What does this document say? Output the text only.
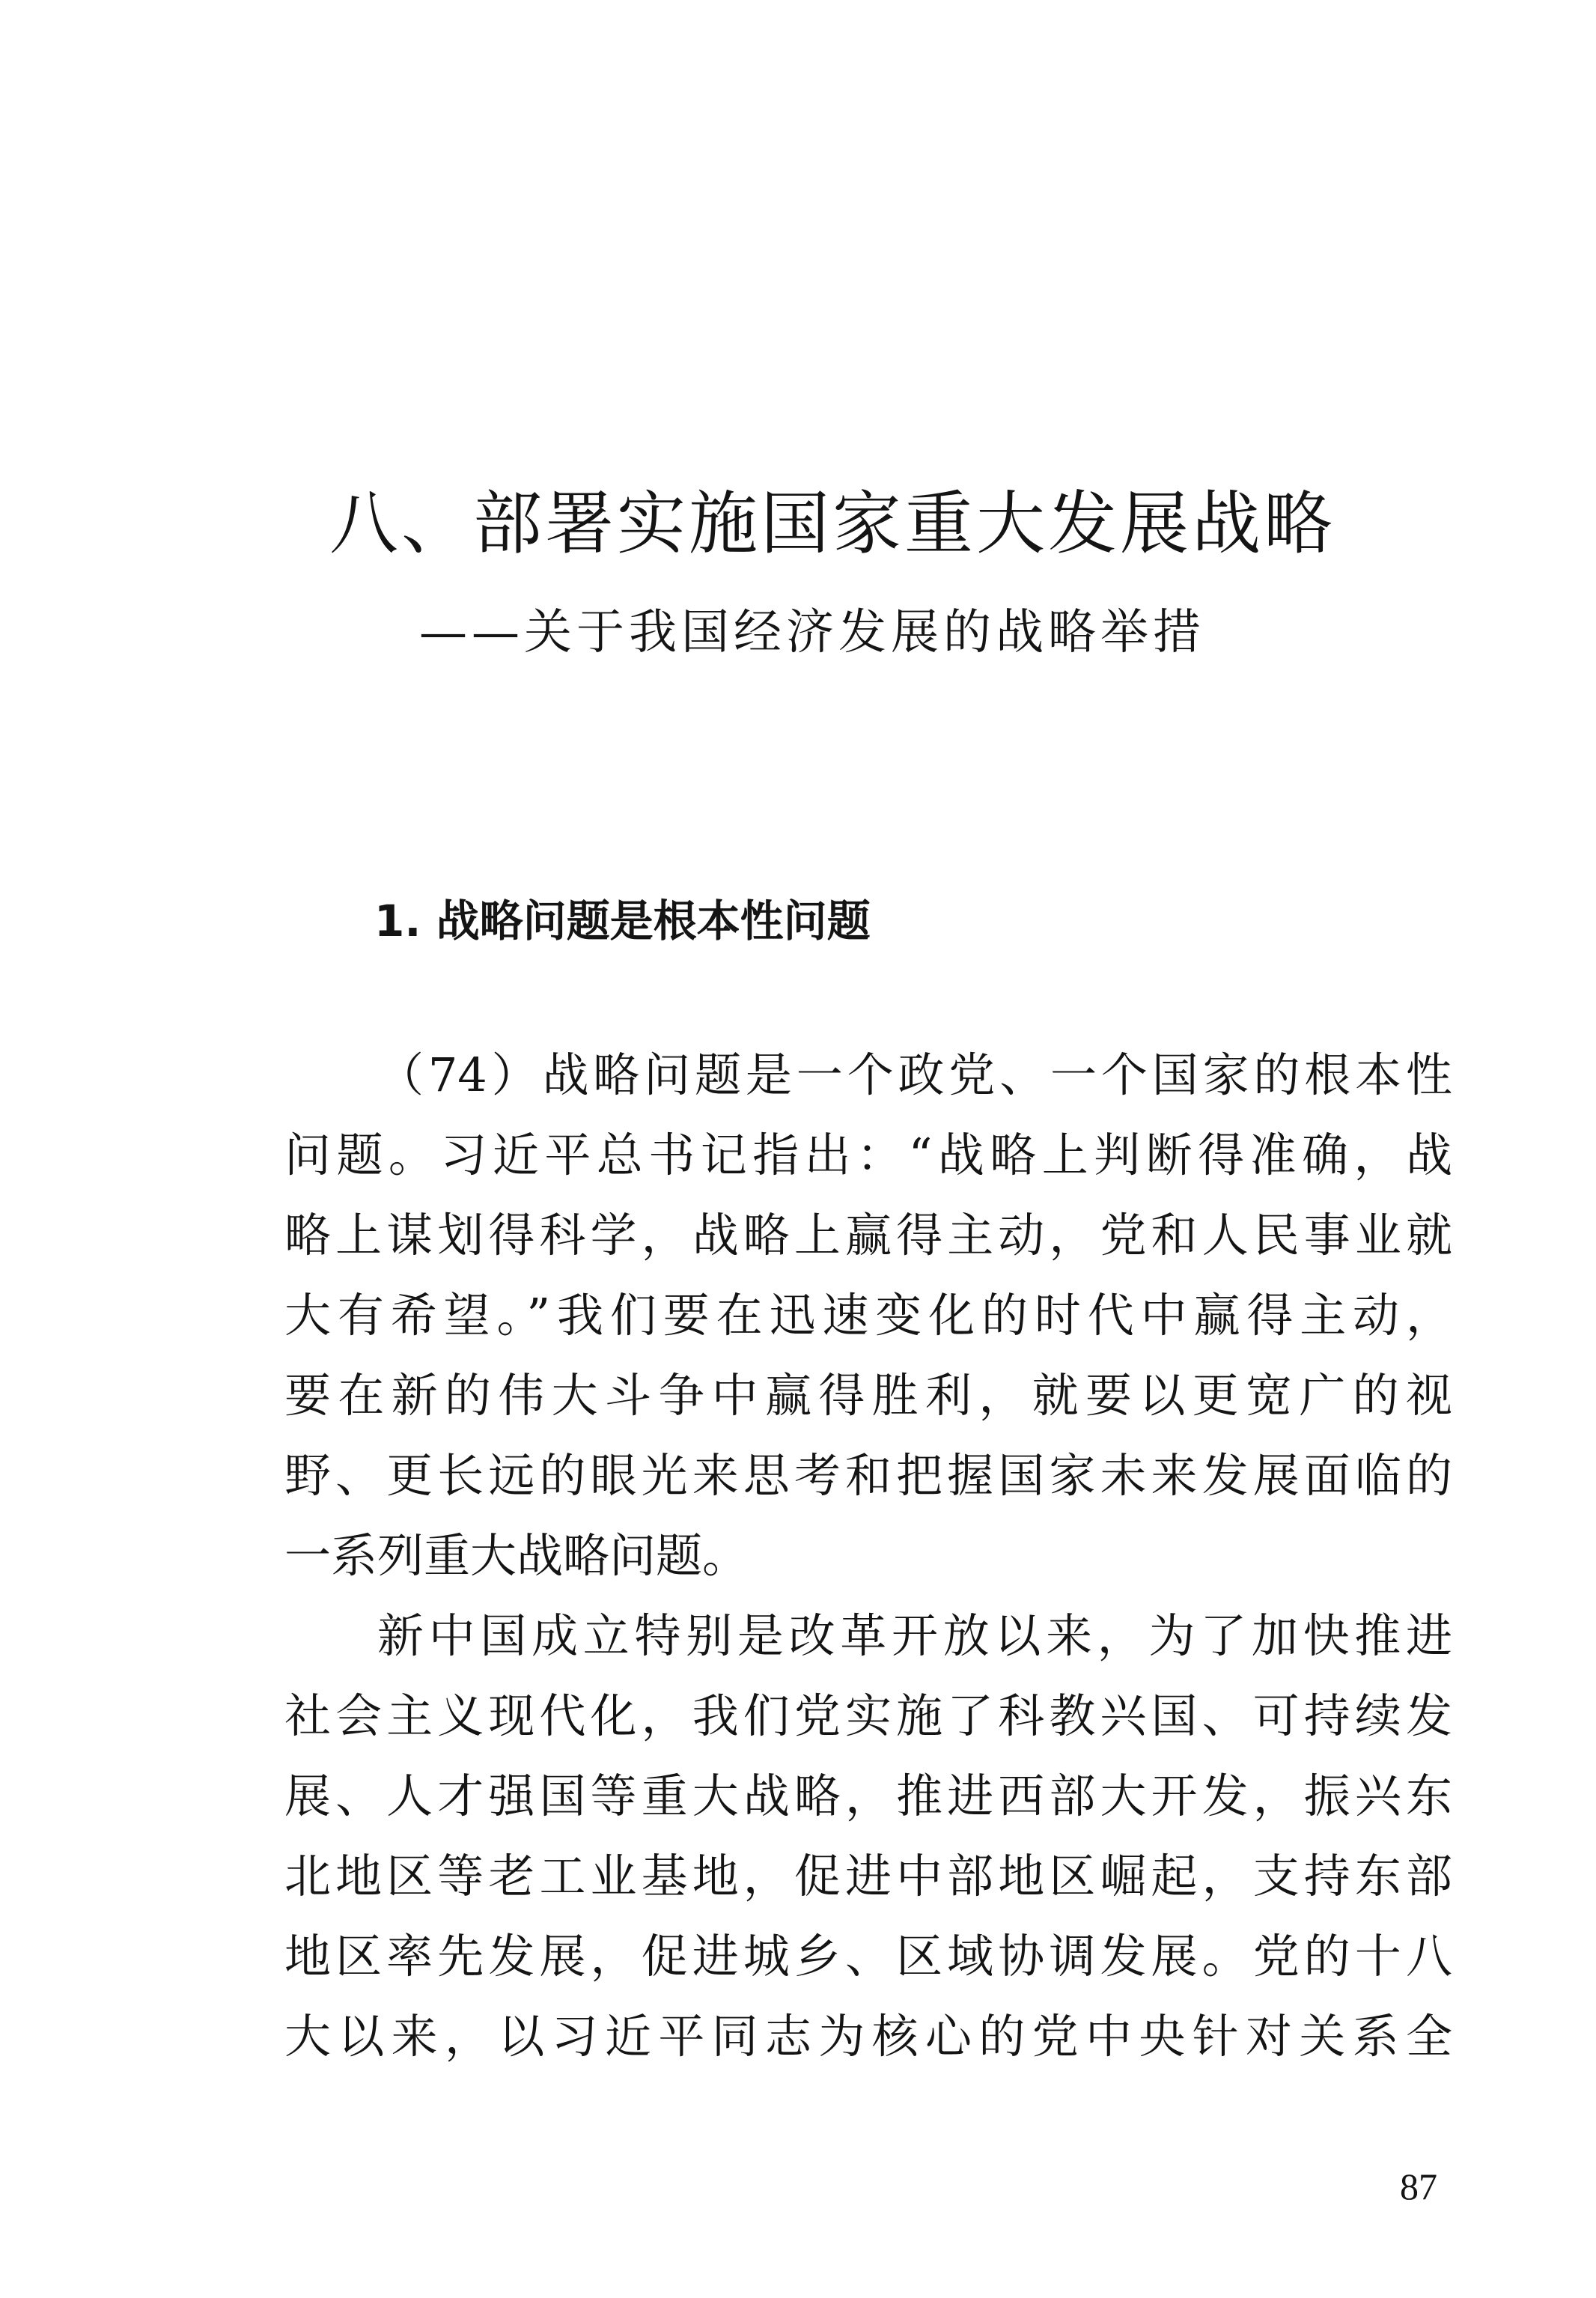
八、部署实施国家重大发展战略
——关于我国经济发展的战略举措
1. 战略问题是根本性问题
（74）战略问题是一个政党、一个国家的根本性
问题。习近平总书记指出：“战略上判断得准确，战
略上谋划得科学，战略上赢得主动，党和人民事业就
大有希望。”我们要在迅速变化的时代中赢得主动，
要在新的伟大斗争中赢得胜利，就要以更宽广的视
野、更长远的眼光来思考和把握国家未来发展面临的
一系列重大战略问题。
新中国成立特别是改革开放以来，为了加快推进
社会主义现代化，我们党实施了科教兴国、可持续发
展、人才强国等重大战略，推进西部大开发，振兴东
北地区等老工业基地，促进中部地区崛起，支持东部
地区率先发展，促进城乡、区域协调发展。党的十八
大以来，以习近平同志为核心的党中央针对关系全

87
